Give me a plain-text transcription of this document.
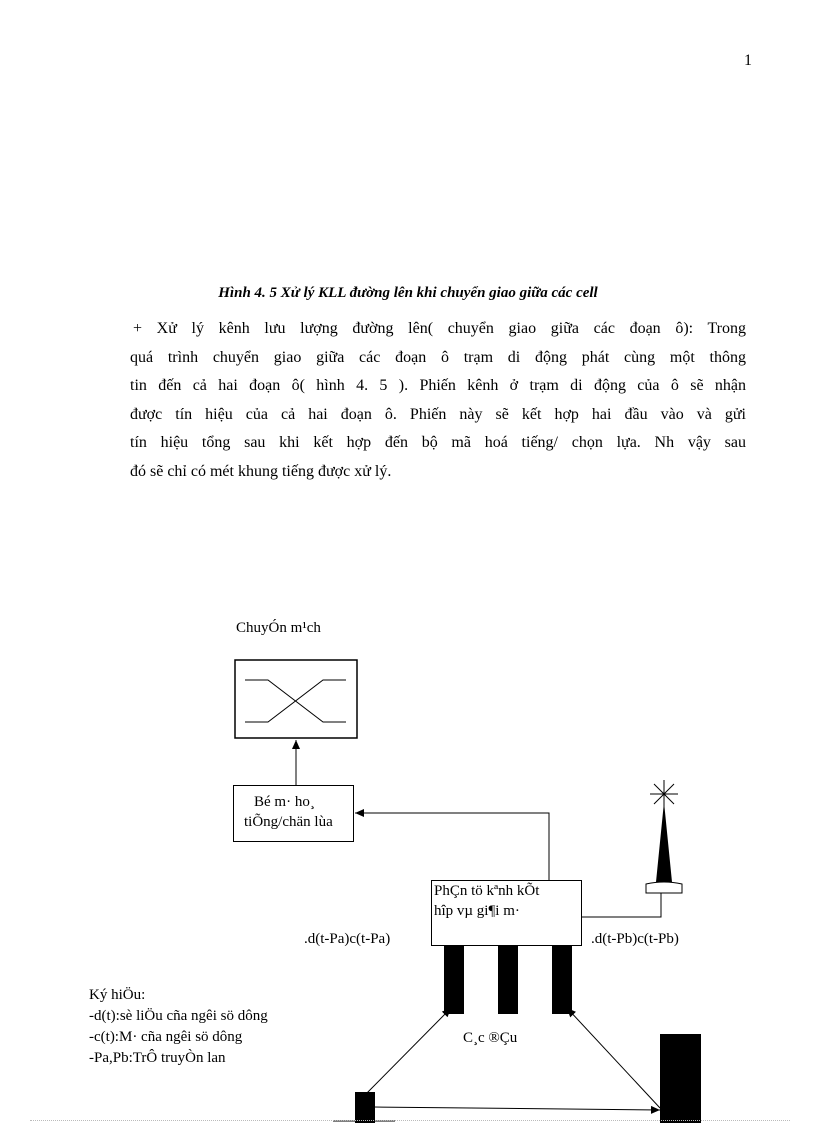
1
Hình 4. 5 Xử lý KLL đường lên khi chuyển giao giữa các cell
+ Xử lý kênh lưu lượng đường lên( chuyển giao giữa các đoạn ô): Trong
quá trình chuyển giao giữa các đoạn ô trạm di động phát cùng một thông
tin đến cả hai đoạn ô( hình 4. 5 ). Phiến kênh ở trạm di động của ô sẽ nhận
được tín hiệu của cả hai đoạn ô. Phiến này sẽ kết hợp hai đầu vào và gửi
tín hiệu tổng sau khi kết hợp đến bộ mã hoá tiếng/ chọn lựa. Nh vậy sau
đó sẽ chỉ có mét khung tiếng được xử lý.
ChuyÓn m¹ch
Bé m· ho¸
tiÕng/chän lùa
PhÇn tö kªnh kÕt
hîp vµ gi¶i m·
.d(t-Pa)c(t-Pa)	.d(t-Pb)c(t-Pb)
C¸c ®Çu
Ký hiÖu:
-d(t):sè liÖu cña ngêi sö dông
-c(t):M· cña ngêi sö dông
-Pa,Pb:TrÔ truyÒn lan
